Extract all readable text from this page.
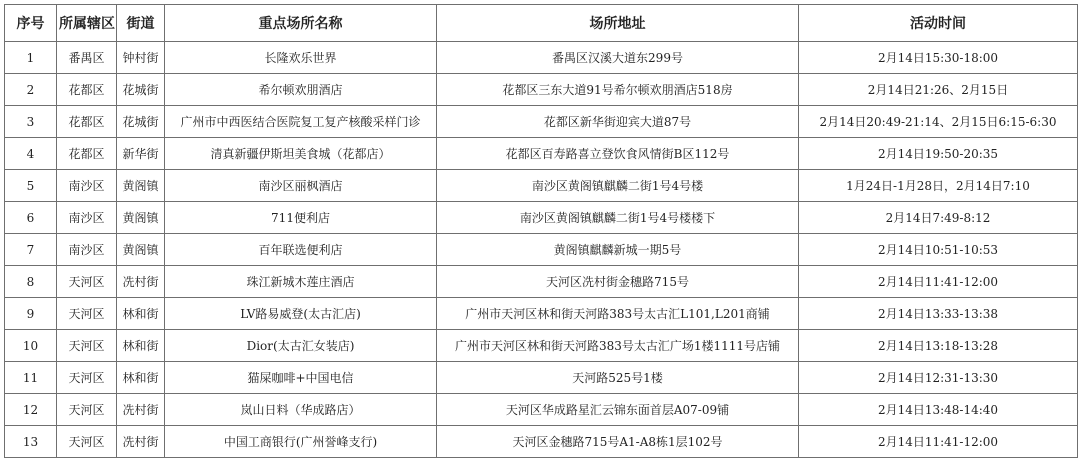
序号	所属辖区	街道	重点场所名称	场所地址	活动时间
1	番禺区	钟村街	长隆欢乐世界	番禺区汉溪大道东299号	2月14日15:30-18:00
2	花都区	花城街	希尔顿欢朋酒店	花都区三东大道91号希尔顿欢朋酒店518房	2月14日21:26、2月15日
3	花都区	花城街	广州市中西医结合医院复工复产核酸采样门诊	花都区新华街迎宾大道87号	2月14日20:49-21:14、2月15日6:15-6:30
4	花都区	新华街	清真新疆伊斯坦美食城（花都店）	花都区百寿路喜立登饮食风情街B区112号	2月14日19:50-20:35
5	南沙区	黄阁镇	南沙区丽枫酒店	南沙区黄阁镇麒麟二街1号4号楼	1月24日-1月28日，2月14日7:10
6	南沙区	黄阁镇	711便利店	南沙区黄阁镇麒麟二街1号4号楼楼下	2月14日7:49-8:12
7	南沙区	黄阁镇	百年联选便利店	黄阁镇麒麟新城一期5号	2月14日10:51-10:53
8	天河区	冼村街	珠江新城木莲庄酒店	天河区冼村街金穗路715号	2月14日11:41-12:00
9	天河区	林和街	LV路易威登(太古汇店)	广州市天河区林和街天河路383号太古汇L101,L201商铺	2月14日13:33-13:38
10	天河区	林和街	Dior(太古汇女装店)	广州市天河区林和街天河路383号太古汇广场1楼1111号店铺	2月14日13:18-13:28
11	天河区	林和街	猫屎咖啡+中国电信	天河路525号1楼	2月14日12:31-13:30
12	天河区	冼村街	岚山日料（华成路店）	天河区华成路星汇云锦东面首层A07-09铺	2月14日13:48-14:40
13	天河区	冼村街	中国工商银行(广州誉峰支行)	天河区金穗路715号A1-A8栋1层102号	2月14日11:41-12:00
